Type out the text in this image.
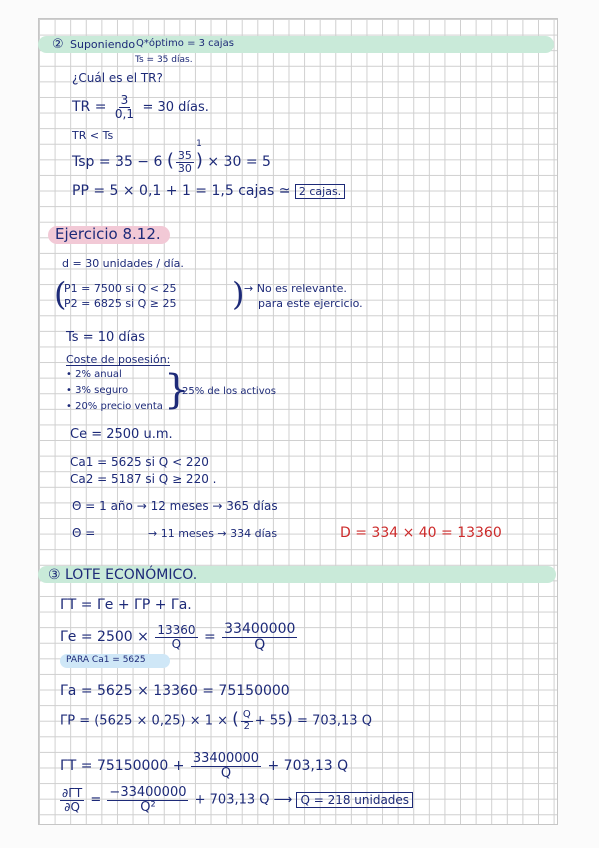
② Suponiendo Q*óptimo = 3 cajas
Ts = 35 días.
¿Cuál es el TR?
TR = $\frac{3}{0,1} = 30$ días.
TR < Ts
Tsp = 35 − 6 ( 35
30
1
) × 30 = 5
PP = 5 × 0,1 + 1 = 1,5 cajas ≃ 2 cajas.
Ejercicio 8.12.
d = 30 unidades / día.
(
P1 = 7500 si Q < 25
P2 = 6825 si Q ≥ 25 ) → No es relevante.
para este ejercicio.
Ts = 10 días
Coste de posesión:
• 2% anual
• 3% seguro
• 20% precio venta }
25% de los activos
Ce = 2500 u.m.
Ca1 = 5625 si Q < 220
Ca2 = 5187 si Q ≥ 220 .
Θ = 1 año → 12 meses → 365 días
Θ =	→ 11 meses → 334 días	D = 334 × 40 = 13360
③ LOTE ECONÓMICO.
ΓT = Γe + ΓP + Γa.
$\Gamma e = 2500 \times \frac{13360}{Q} = \frac{33400000}{Q}$
PARA Ca1 = 5625
Γa = 5625 × 13360 = 75150000
ΓP = (5625 × 0,25) × 1 × ( $\frac{Q}{2} + 55) = 703,13$ Q
$\Gamma T = 75150000 + \frac{33400000}{Q} + 703,13$ Q
$\frac{\partial\Gamma T}{\partial Q} = \frac{-33400000}{\text{Q²}} + 703,13$ Q ⟶ Q = 218 unidades
